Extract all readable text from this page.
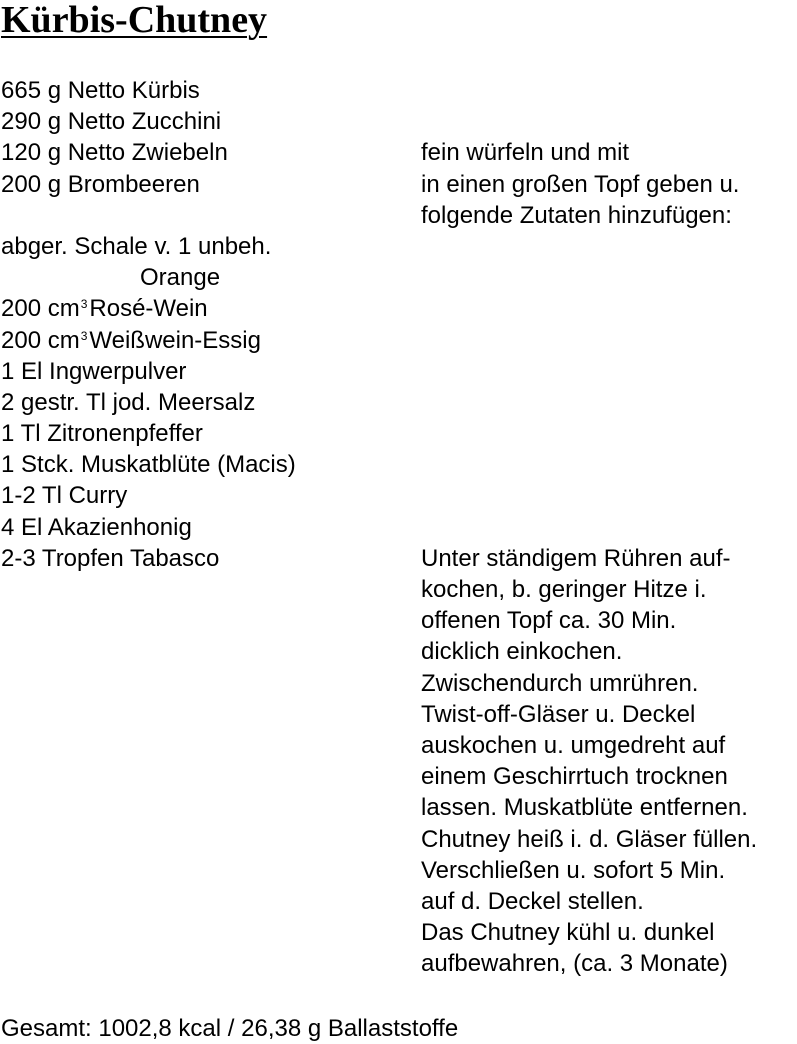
Kürbis-Chutney
665 g Netto Kürbis
290 g Netto Zucchini
120 g Netto Zwiebeln
200 g Brombeeren
abger. Schale v. 1 unbeh.
Orange
200 $cm^3Rosé$-Wein
200 $cm^3Weißwein$-Essig
1 El Ingwerpulver
2 gestr. Tl jod. Meersalz
1 Tl Zitronenpfeffer
1 Stck. Muskatblüte (Macis)
1-2 Tl Curry
4 El Akazienhonig
2-3 Tropfen Tabasco
fein würfeln und mit
in einen großen Topf geben u.
folgende Zutaten hinzufügen:
Unter ständigem Rühren auf-
kochen, b. geringer Hitze i.
offenen Topf ca. 30 Min.
dicklich einkochen.
Zwischendurch umrühren.
Twist-off-Gläser u. Deckel
auskochen u. umgedreht auf
einem Geschirrtuch trocknen
lassen. Muskatblüte entfernen.
Chutney heiß i. d. Gläser füllen.
Verschließen u. sofort 5 Min.
auf d. Deckel stellen.
Das Chutney kühl u. dunkel
aufbewahren, (ca. 3 Monate)
Gesamt: 1002,8 kcal / 26,38 g Ballaststoffe
